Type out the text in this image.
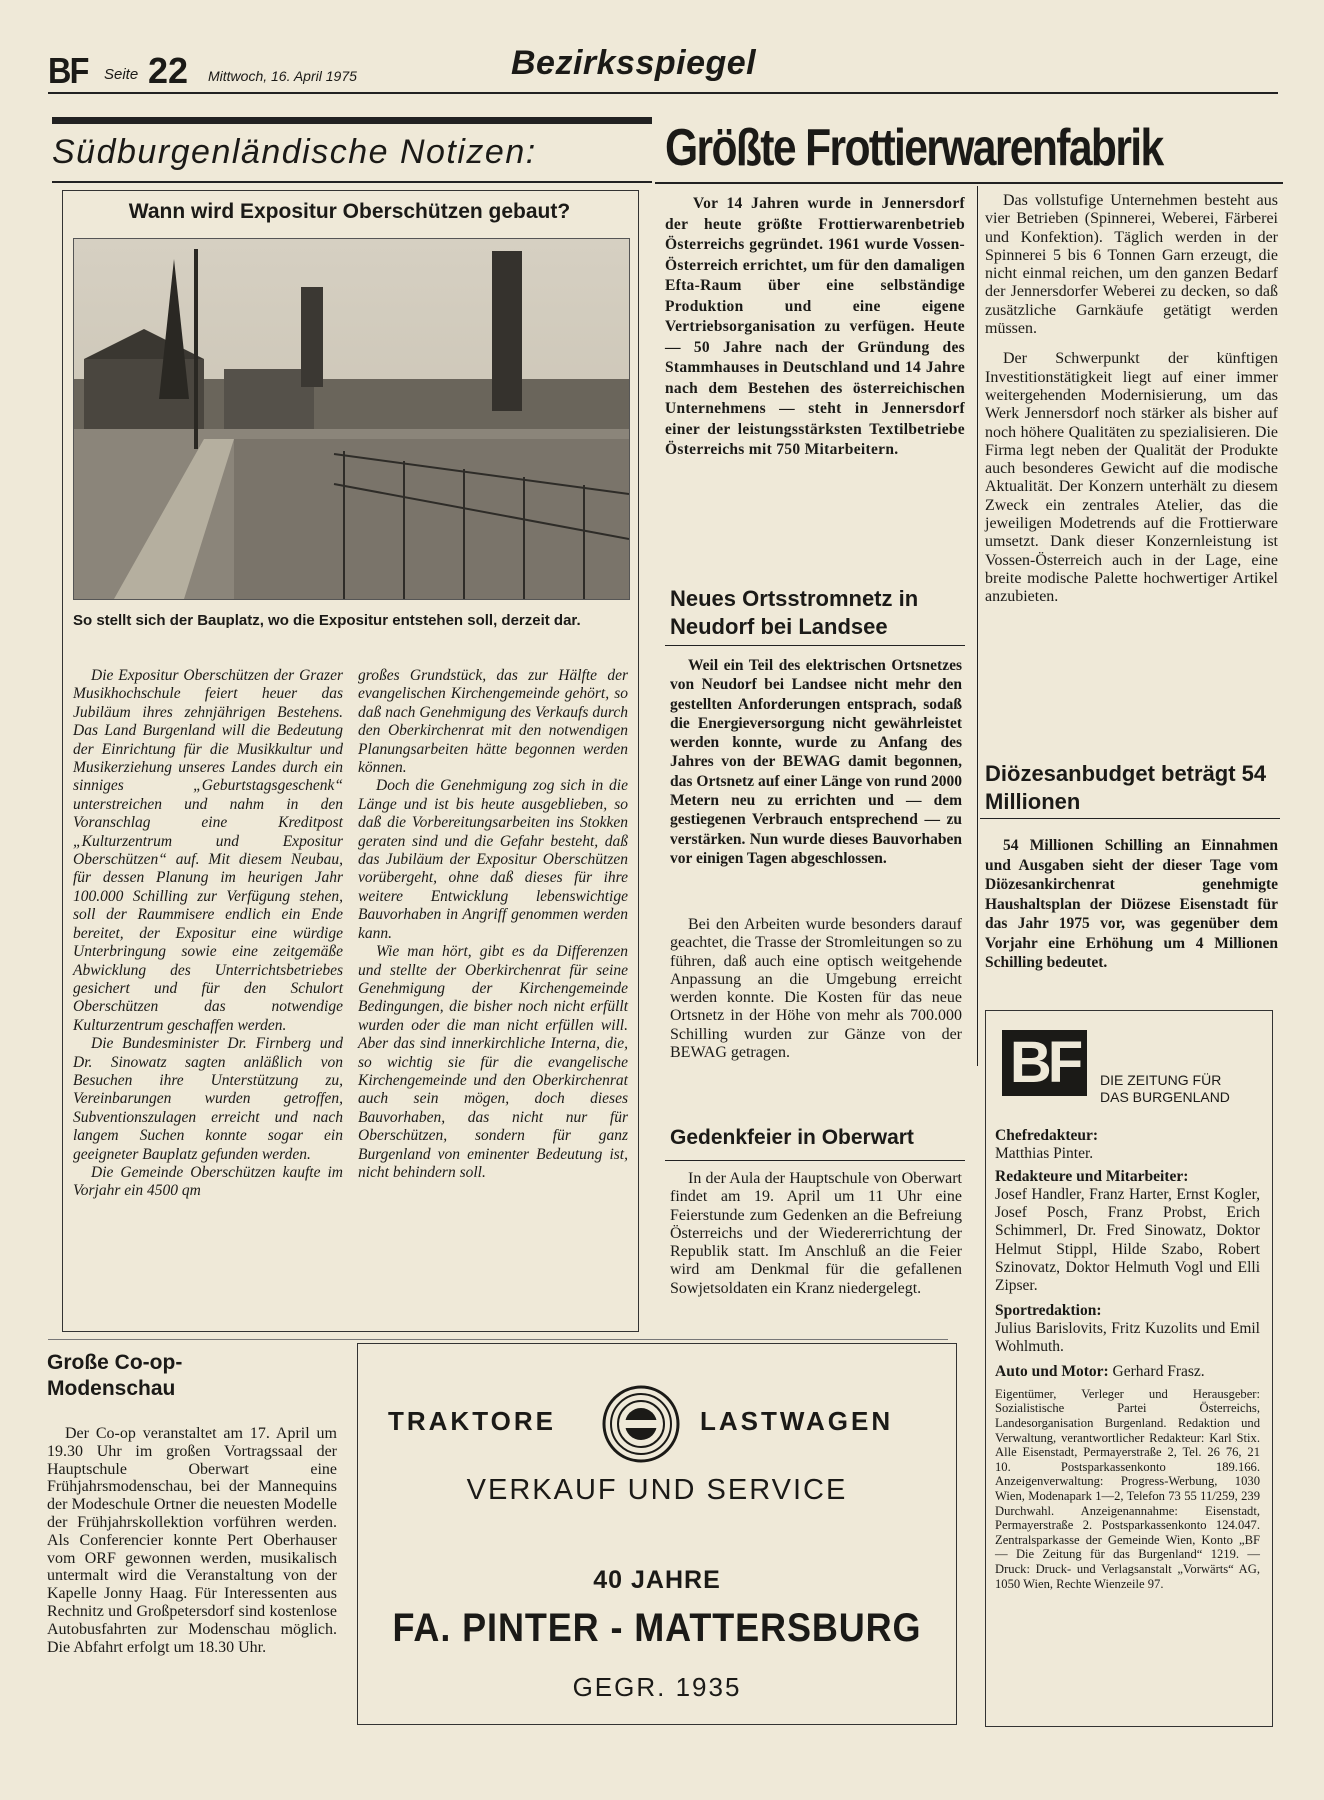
BF Seite 22 Mittwoch, 16. April 1975	Bezirksspiegel
Südburgenländische Notizen:
Wann wird Expositur Oberschützen gebaut?
So stellt sich der Bauplatz, wo die Expositur entstehen soll, derzeit dar.

Die Expositur Oberschützen der Grazer Musikhochschule feiert heuer das Jubiläum ihres zehnjährigen Bestehens. Das Land Burgenland will die Bedeutung der Einrichtung für die Musikkultur und Musikerziehung unseres Landes durch ein sinniges „Geburtstagsgeschenk“ unterstreichen und nahm in den Voranschlag eine Kreditpost „Kulturzentrum und Expositur Oberschützen“ auf. Mit diesem Neubau, für dessen Planung im heurigen Jahr 100.000 Schilling zur Verfügung stehen, soll der Raummisere endlich ein Ende bereitet, der Expositur eine würdige Unterbringung sowie eine zeitgemäße Abwicklung des Unterrichtsbetriebes gesichert und für den Schulort Oberschützen das notwendige Kulturzentrum geschaffen werden.

Die Bundesminister Dr. Firnberg und Dr. Sinowatz sagten anläßlich von Besuchen ihre Unterstützung zu, Vereinbarungen wurden getroffen, Subventionszulagen erreicht und nach langem Suchen konnte sogar ein geeigneter Bauplatz gefunden werden.

Die Gemeinde Oberschützen kaufte im Vorjahr ein 4500 qm

großes Grundstück, das zur Hälfte der evangelischen Kirchengemeinde gehört, so daß nach Genehmigung des Verkaufs durch den Oberkirchenrat mit den notwendigen Planungsarbeiten hätte begonnen werden können.

Doch die Genehmigung zog sich in die Länge und ist bis heute ausgeblieben, so daß die Vorbereitungsarbeiten ins Stokken geraten sind und die Gefahr besteht, daß das Jubiläum der Expositur Oberschützen vorübergeht, ohne daß dieses für ihre weitere Entwicklung lebenswichtige Bauvorhaben in Angriff genommen werden kann.

Wie man hört, gibt es da Differenzen und stellte der Oberkirchenrat für seine Genehmigung der Kirchengemeinde Bedingungen, die bisher noch nicht erfüllt wurden oder die man nicht erfüllen will. Aber das sind innerkirchliche Interna, die, so wichtig sie für die evangelische Kirchengemeinde und den Oberkirchenrat auch sein mögen, doch dieses Bauvorhaben, das nicht nur für Oberschützen, sondern für ganz Burgenland von eminenter Bedeutung ist, nicht behindern soll.

Größte Frottierwarenfabrik
Vor 14 Jahren wurde in Jennersdorf der heute größte Frottierwarenbetrieb Österreichs gegründet. 1961 wurde Vossen-Österreich errichtet, um für den damaligen Efta-Raum über eine selbständige Produktion und eine eigene Vertriebsorganisation zu verfügen. Heute — 50 Jahre nach der Gründung des Stammhauses in Deutschland und 14 Jahre nach dem Bestehen des österreichischen Unternehmens — steht in Jennersdorf einer der leistungsstärksten Textilbetriebe Österreichs mit 750 Mitarbeitern.

Das vollstufige Unternehmen besteht aus vier Betrieben (Spinnerei, Weberei, Färberei und Konfektion). Täglich werden in der Spinnerei 5 bis 6 Tonnen Garn erzeugt, die nicht einmal reichen, um den ganzen Bedarf der Jennersdorfer Weberei zu decken, so daß zusätzliche Garnkäufe getätigt werden müssen.

Der Schwerpunkt der künftigen Investitionstätigkeit liegt auf einer immer weitergehenden Modernisierung, um das Werk Jennersdorf noch stärker als bisher auf noch höhere Qualitäten zu spezialisieren. Die Firma legt neben der Qualität der Produkte auch besonderes Gewicht auf die modische Aktualität. Der Konzern unterhält zu diesem Zweck ein zentrales Atelier, das die jeweiligen Modetrends auf die Frottierware umsetzt. Dank dieser Konzernleistung ist Vossen-Österreich auch in der Lage, eine breite modische Palette hochwertiger Artikel anzubieten.

Neues Ortsstromnetz in Neudorf bei Landsee
Weil ein Teil des elektrischen Ortsnetzes von Neudorf bei Landsee nicht mehr den gestellten Anforderungen entsprach, sodaß die Energieversorgung nicht gewährleistet werden konnte, wurde zu Anfang des Jahres von der BEWAG damit begonnen, das Ortsnetz auf einer Länge von rund 2000 Metern neu zu errichten und — dem gestiegenen Verbrauch entsprechend — zu verstärken. Nun wurde dieses Bauvorhaben vor einigen Tagen abgeschlossen.
Bei den Arbeiten wurde besonders darauf geachtet, die Trasse der Stromleitungen so zu führen, daß auch eine optisch weitgehende Anpassung an die Umgebung erreicht werden konnte. Die Kosten für das neue Ortsnetz in der Höhe von mehr als 700.000 Schilling wurden zur Gänze von der BEWAG getragen.
Gedenkfeier in Oberwart
In der Aula der Hauptschule von Oberwart findet am 19. April um 11 Uhr eine Feierstunde zum Gedenken an die Befreiung Österreichs und der Wiedererrichtung der Republik statt. Im Anschluß an die Feier wird am Denkmal für die gefallenen Sowjetsoldaten ein Kranz niedergelegt.
Diözesanbudget beträgt 54 Millionen
54 Millionen Schilling an Einnahmen und Ausgaben sieht der dieser Tage vom Diözesankirchenrat genehmigte Haushaltsplan der Diözese Eisenstadt für das Jahr 1975 vor, was gegenüber dem Vorjahr eine Erhöhung um 4 Millionen Schilling bedeutet.
BF	DIE ZEITUNG FÜR
DAS BURGENLAND

Chefredakteur:

Matthias Pinter.

Redakteure und Mitarbeiter:

Josef Handler, Franz Harter, Ernst Kogler, Josef Posch, Franz Probst, Erich Schimmerl, Dr. Fred Sinowatz, Doktor Helmut Stippl, Hilde Szabo, Robert Szinovatz, Doktor Helmuth Vogl und Elli Zipser.

Sportredaktion:

Julius Barislovits, Fritz Kuzolits und Emil Wohlmuth.

Auto und Motor: Gerhard Frasz.

Eigentümer, Verleger und Herausgeber: Sozialistische Partei Österreichs, Landesorganisation Burgenland. Redaktion und Verwaltung, verantwortlicher Redakteur: Karl Stix. Alle Eisenstadt, Permayerstraße 2, Tel. 26 76, 21 10. Postsparkassenkonto 189.166. Anzeigenverwaltung: Progress-Werbung, 1030 Wien, Modenapark 1—2, Telefon 73 55 11/259, 239 Durchwahl. Anzeigenannahme: Eisenstadt, Permayerstraße 2. Postsparkassenkonto 124.047. Zentralsparkasse der Gemeinde Wien, Konto „BF — Die Zeitung für das Burgenland“ 1219. — Druck: Druck- und Verlagsanstalt „Vorwärts“ AG, 1050 Wien, Rechte Wienzeile 97.

Große Co-op-Modenschau
Der Co-op veranstaltet am 17. April um 19.30 Uhr im großen Vortragssaal der Hauptschule Oberwart eine Frühjahrsmodenschau, bei der Mannequins der Modeschule Ortner die neuesten Modelle der Frühjahrskollektion vorführen werden. Als Conferencier konnte Pert Oberhauser vom ORF gewonnen werden, musikalisch untermalt wird die Veranstaltung von der Kapelle Jonny Haag. Für Interessenten aus Rechnitz und Großpetersdorf sind kostenlose Autobusfahrten zur Modenschau möglich. Die Abfahrt erfolgt um 18.30 Uhr.
TRAKTORE	LASTWAGEN
VERKAUF UND SERVICE
40 JAHRE
FA. PINTER - MATTERSBURG
GEGR. 1935
